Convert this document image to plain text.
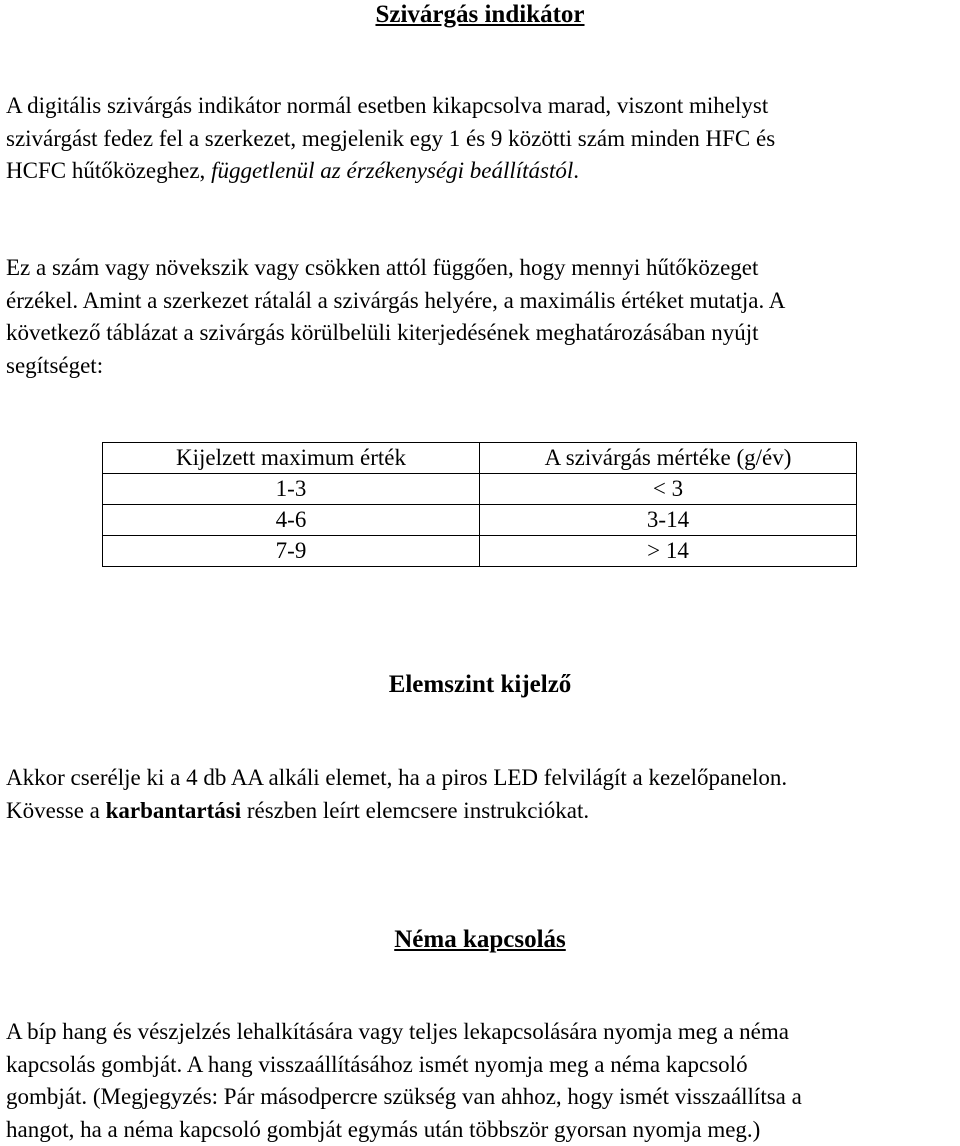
Szivárgás indikátor

A digitális szivárgás indikátor normál esetben kikapcsolva marad, viszont mihelyst
szivárgást fedez fel a szerkezet, megjelenik egy 1 és 9 közötti szám minden HFC és
HCFC hűtőközeghez, függetlenül az érzékenységi beállítástól.

Ez a szám vagy növekszik vagy csökken attól függően, hogy mennyi hűtőközeget
érzékel. Amint a szerkezet rátalál a szivárgás helyére, a maximális értéket mutatja. A
következő táblázat a szivárgás körülbelüli kiterjedésének meghatározásában nyújt
segítséget:

Kijelzett maximum érték	A szivárgás mértéke (g/év)
1-3	< 3
4-6	3-14
7-9	> 14
Elemszint kijelző

Akkor cserélje ki a 4 db AA alkáli elemet, ha a piros LED felvilágít a kezelőpanelon.
Kövesse a karbantartási részben leírt elemcsere instrukciókat.

Néma kapcsolás

A bíp hang és vészjelzés lehalkítására vagy teljes lekapcsolására nyomja meg a néma
kapcsolás gombját. A hang visszaállításához ismét nyomja meg a néma kapcsoló
gombját. (Megjegyzés: Pár másodpercre szükség van ahhoz, hogy ismét visszaállítsa a
hangot, ha a néma kapcsoló gombját egymás után többször gyorsan nyomja meg.)
